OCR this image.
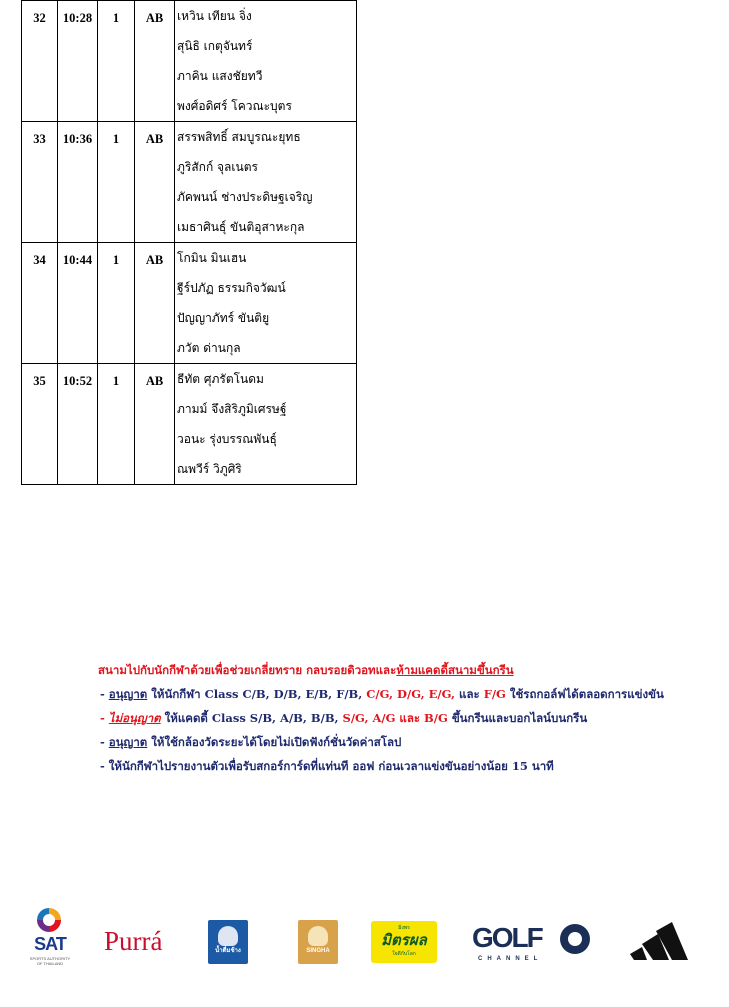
32	10:28	1	AB	เหวิน เทียน จิ่ง
สุนิธิ เกตุจันทร์
ภาคิน แสงชัยทวี
พงศ์อดิศร์ โควณะบุตร

33	10:36	1	AB	สรรพสิทธิ์ สมบูรณะยุทธ
ภูริสักก์ จุลเนตร
ภัคพนน์ ช่างประดิษฐเจริญ
เมธาศินธุ์ ขันติอุสาหะกุล

34	10:44	1	AB	โกมิน มินเฮน
ฐีร์ปภัฏ ธรรมกิจวัฒน์
ปัญญาภัทร์ ขันติยู
ภวัต ด่านกุล

35	10:52	1	AB	ธีทัต ศุภรัตโนดม
ภามม์ จึงสิริภูมิเศรษฐ์
วอนะ รุ่งบรรณพันธุ์
ณพวีร์ วิภูศิริ
สนามไปกับนักกีฬาด้วยเพื่อช่วยเกลี่ยทราย กลบรอยดิวอทและห้ามแคดดี้สนามขึ้นกรีน
- อนุญาต ให้นักกีฬา Class C/B, D/B, E/B, F/B, C/G, D/G, E/G, และ F/G ใช้รถกอล์ฟได้ตลอดการแข่งขัน
- ไม่อนุญาต ให้แคดดี้ Class S/B, A/B, B/B, S/G, A/G และ B/G ขึ้นกรีนและบอกไลน์บนกรีน
- อนุญาต ให้ใช้กล้องวัดระยะได้โดยไม่เปิดฟังก์ชั่นวัดค่าสโลป
- ให้นักกีฬาไปรายงานตัวเพื่อรับสกอร์การ์ดที่แท่นที ออฟ ก่อนเวลาแข่งขันอย่างน้อย 15 นาที
SAT
SPORTS AUTHORITY OF THAILAND
Purrá	น้ำดื่มช้าง	SINGHA
มิ่งพร
มิตรผล
ใจดีกับโลก
GOLF
CHANNEL
